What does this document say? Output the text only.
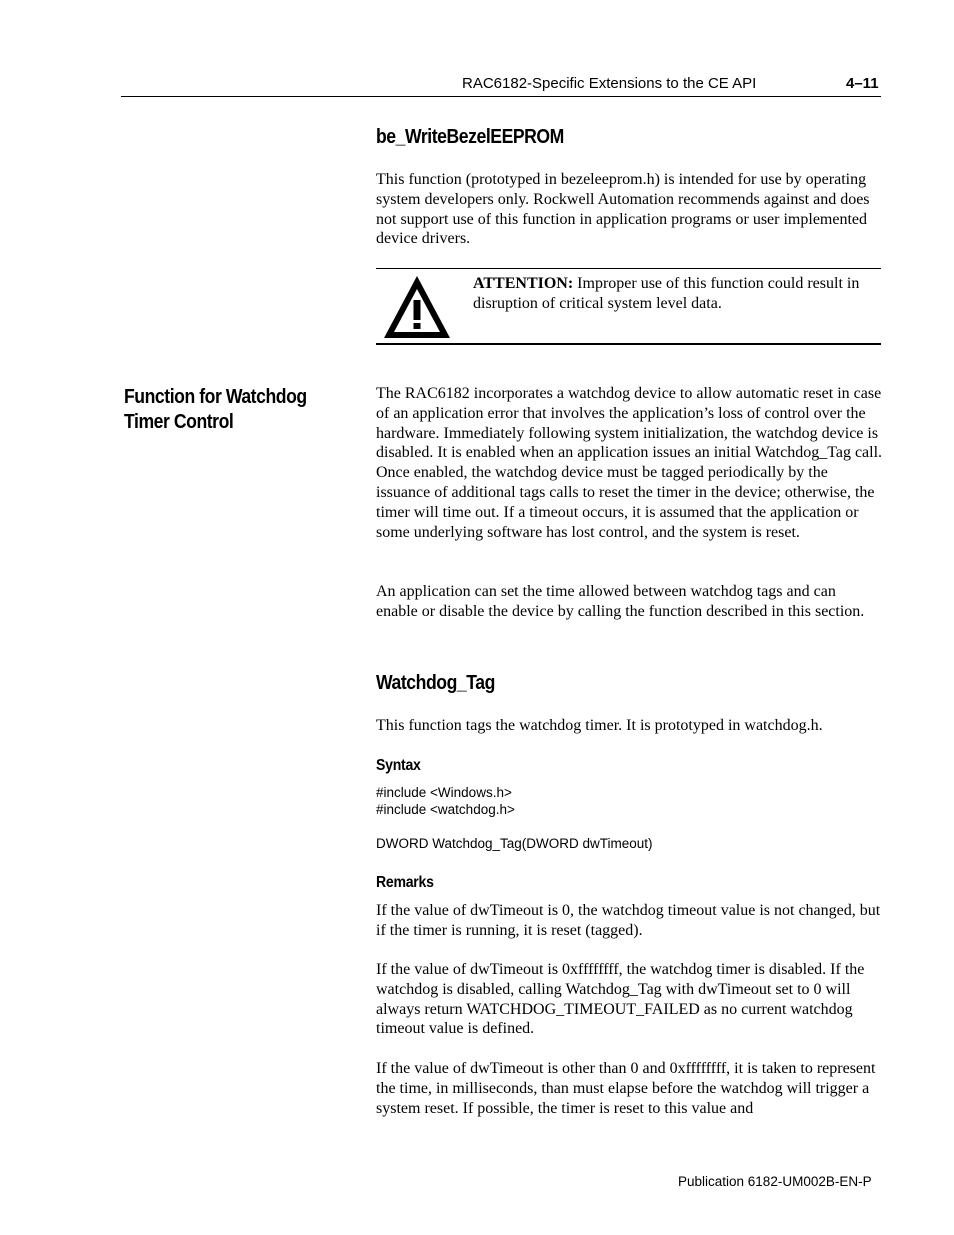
RAC6182-Specific Extensions to the CE API	4–11
be_WriteBezelEEPROM
This function (prototyped in bezeleeprom.h) is intended for use by operating system developers only. Rockwell Automation recommends against and does not support use of this function in application programs or user implemented device drivers.
ATTENTION: Improper use of this function could result in disruption of critical system level data.
Function for Watchdog
Timer Control
The RAC6182 incorporates a watchdog device to allow automatic reset in case of an application error that involves the application’s loss of control over the hardware. Immediately following system initialization, the watchdog device is disabled. It is enabled when an application issues an initial Watchdog_Tag call. Once enabled, the watchdog device must be tagged periodically by the issuance of additional tags calls to reset the timer in the device; otherwise, the timer will time out. If a timeout occurs, it is assumed that the application or some underlying software has lost control, and the system is reset.
An application can set the time allowed between watchdog tags and can enable or disable the device by calling the function described in this section.
Watchdog_Tag
This function tags the watchdog timer. It is prototyped in watchdog.h.
Syntax
#include <Windows.h>
#include <watchdog.h>
DWORD Watchdog_Tag(DWORD dwTimeout)
Remarks
If the value of dwTimeout is 0, the watchdog timeout value is not changed, but if the timer is running, it is reset (tagged).
If the value of dwTimeout is 0xffffffff, the watchdog timer is disabled. If the watchdog is disabled, calling Watchdog_Tag with dwTimeout set to 0 will always return WATCHDOG_TIMEOUT_FAILED as no current watchdog timeout value is defined.
If the value of dwTimeout is other than 0 and 0xffffffff, it is taken to represent the time, in milliseconds, than must elapse before the watchdog will trigger a system reset. If possible, the timer is reset to this value and
Publication 6182-UM002B-EN-P
